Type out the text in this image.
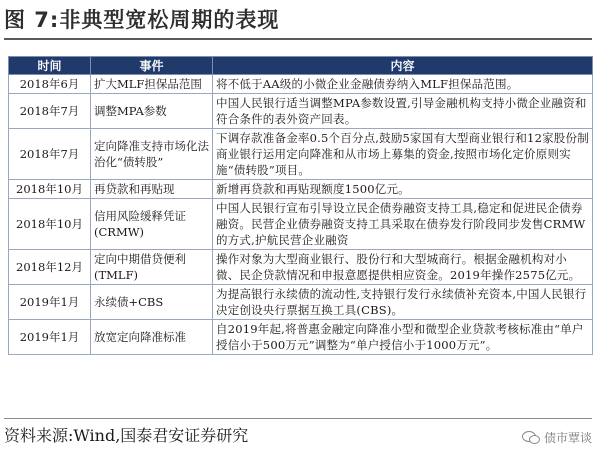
图 7:非典型宽松周期的表现
时间	事件	内容
2018年6月	扩大MLF担保品范围	将不低于AA级的小微企业金融债券纳入MLF担保品范围。
2018年7月	调整MPA参数	中国人民银行适当调整MPA参数设置,引导金融机构支持小微企业融资和符合条件的表外资产回表。
2018年7月	定向降准支持市场化法治化“债转股”	下调存款准备金率0.5个百分点,鼓励5家国有大型商业银行和12家股份制商业银行运用定向降准和从市场上募集的资金,按照市场化定价原则实施“债转股”项目。
2018年10月	再贷款和再贴现	新增再贷款和再贴现额度1500亿元。
2018年10月	信用风险缓释凭证(CRMW)	中国人民银行宣布引导设立民企债券融资支持工具,稳定和促进民企债券融资。民营企业债券融资支持工具采取在债券发行阶段同步发售CRMW的方式,护航民营企业融资
2018年12月	定向中期借贷便利(TMLF)	操作对象为大型商业银行、股份行和大型城商行。根据金融机构对小微、民企贷款情况和申报意愿提供相应资金。2019年操作2575亿元。
2019年1月	永续债+CBS	为提高银行永续债的流动性,支持银行发行永续债补充资本,中国人民银行决定创设央行票据互换工具(CBS)。
2019年1月	放宽定向降准标准	自2019年起,将普惠金融定向降准小型和微型企业贷款考核标准由“单户授信小于500万元”调整为“单户授信小于1000万元”。
资料来源:Wind,国泰君安证券研究	债市覃谈
